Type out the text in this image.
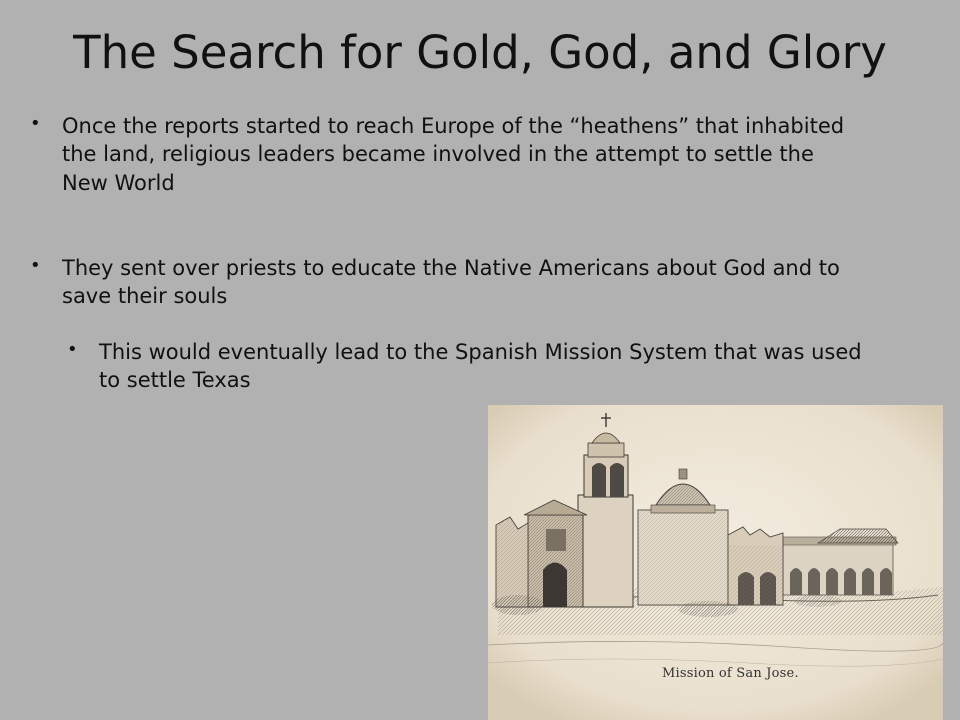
The Search for Gold, God, and Glory
• Once the reports started to reach Europe of the “heathens” that inhabited the land, religious leaders became involved in the attempt to settle the New World
• They sent over priests to educate the Native Americans about God and to save their souls
• This would eventually lead to the Spanish Mission System that was used to settle Texas
Mission of San Jose.
